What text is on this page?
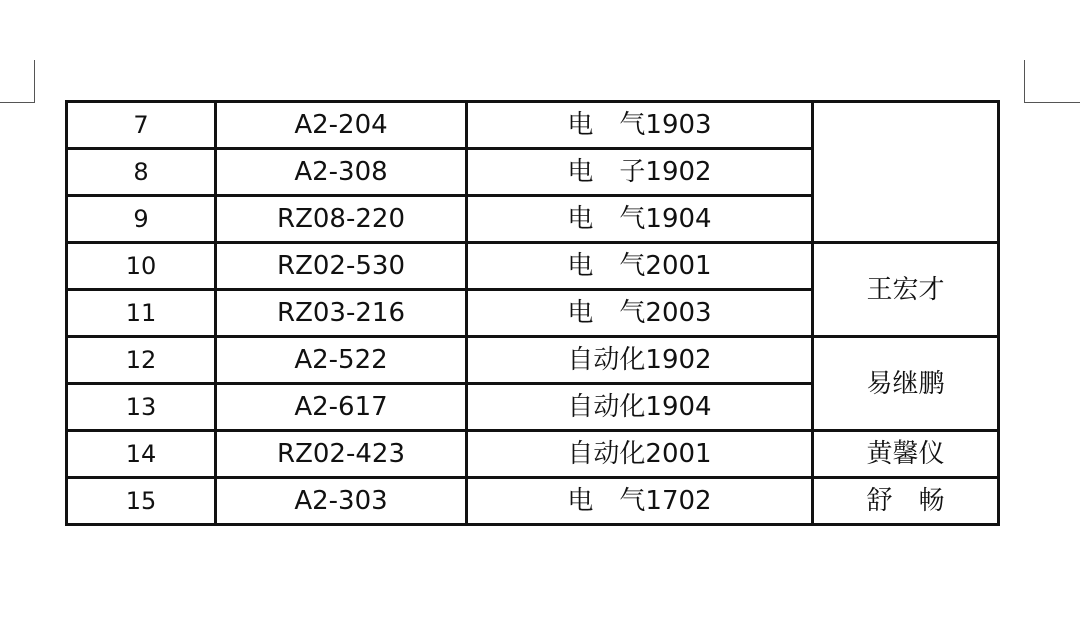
7	A2-204	电　气1903	
8	A2-308	电　子1902	
9	RZ08-220	电　气1904	
10	RZ02-530	电　气2001	王宏才
11	RZ03-216	电　气2003	
12	A2-522	自动化1902	易继鹏
13	A2-617	自动化1904	
14	RZ02-423	自动化2001	黄馨仪
15	A2-303	电　气1702	舒　畅
